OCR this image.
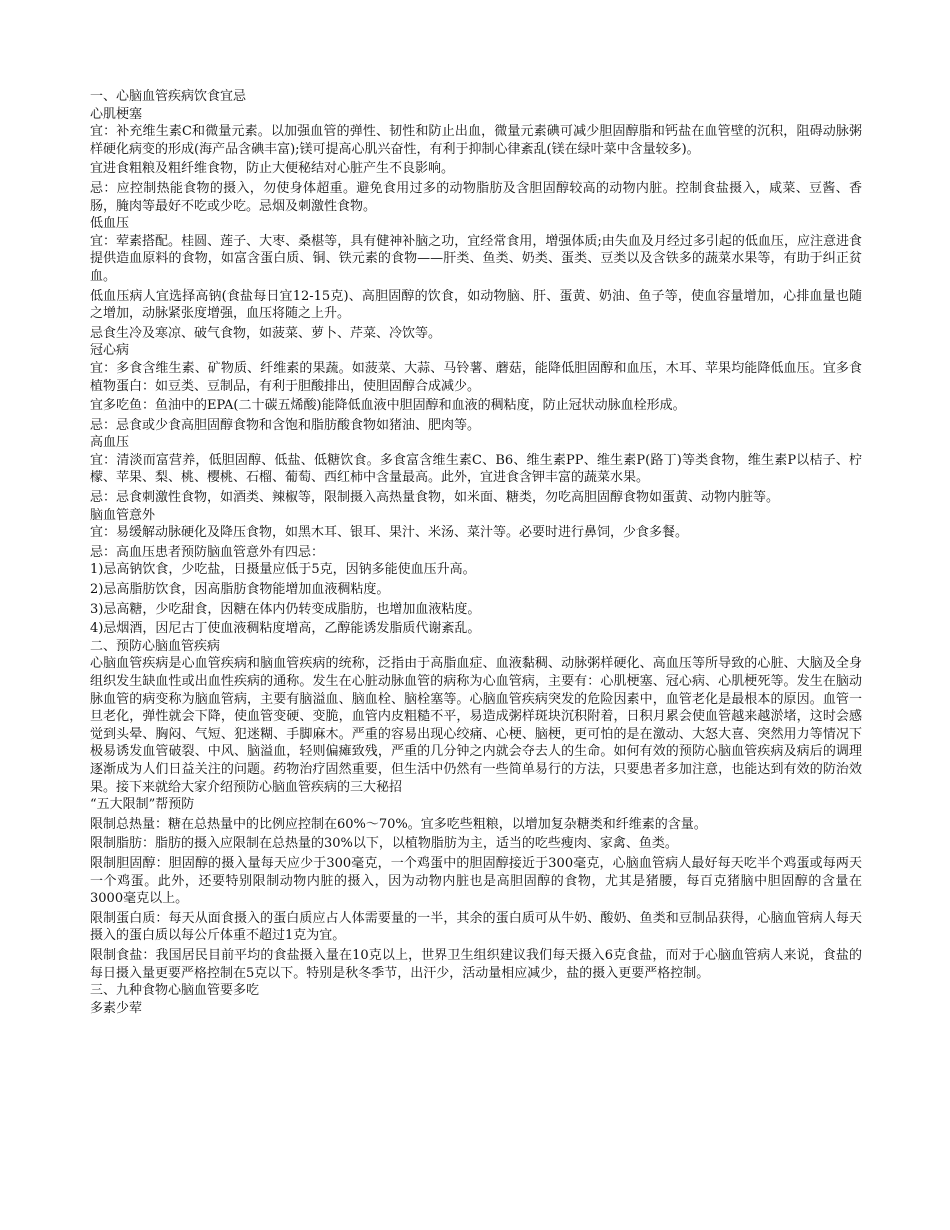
一、心脑血管疾病饮食宜忌

心肌梗塞

宜：补充维生素C和微量元素。以加强血管的弹性、韧性和防止出血，微量元素碘可减少胆固醇脂和钙盐在血管壁的沉积，阻碍动脉粥样硬化病变的形成(海产品含碘丰富);镁可提高心肌兴奋性，有利于抑制心律紊乱(镁在绿叶菜中含量较多)。

宜进食粗粮及粗纤维食物，防止大便秘结对心脏产生不良影响。

忌：应控制热能食物的摄入，勿使身体超重。避免食用过多的动物脂肪及含胆固醇较高的动物内脏。控制食盐摄入，咸菜、豆酱、香肠，腌肉等最好不吃或少吃。忌烟及刺激性食物。

低血压

宜：荤素搭配。桂圆、莲子、大枣、桑椹等，具有健神补脑之功，宜经常食用，增强体质;由失血及月经过多引起的低血压，应注意进食提供造血原料的食物，如富含蛋白质、铜、铁元素的食物——肝类、鱼类、奶类、蛋类、豆类以及含铁多的蔬菜水果等，有助于纠正贫血。

低血压病人宜选择高钠(食盐每日宜12-15克)、高胆固醇的饮食，如动物脑、肝、蛋黄、奶油、鱼子等，使血容量增加，心排血量也随之增加，动脉紧张度增强，血压将随之上升。

忌食生冷及寒凉、破气食物，如菠菜、萝卜、芹菜、冷饮等。

冠心病

宜：多食含维生素、矿物质、纤维素的果蔬。如菠菜、大蒜、马铃薯、蘑菇，能降低胆固醇和血压，木耳、苹果均能降低血压。宜多食植物蛋白：如豆类、豆制品，有利于胆酸排出，使胆固醇合成减少。

宜多吃鱼：鱼油中的EPA(二十碳五烯酸)能降低血液中胆固醇和血液的稠粘度，防止冠状动脉血栓形成。

忌：忌食或少食高胆固醇食物和含饱和脂肪酸食物如猪油、肥肉等。

高血压

宜：清淡而富营养，低胆固醇、低盐、低糖饮食。多食富含维生素C、B6、维生素PP、维生素P(路丁)等类食物，维生素P以桔子、柠檬、苹果、梨、桃、樱桃、石榴、葡萄、西红柿中含量最高。此外，宜进食含钾丰富的蔬菜水果。

忌：忌食刺激性食物，如酒类、辣椒等，限制摄入高热量食物，如米面、糖类，勿吃高胆固醇食物如蛋黄、动物内脏等。

脑血管意外

宜：易缓解动脉硬化及降压食物，如黑木耳、银耳、果汁、米汤、菜汁等。必要时进行鼻饲，少食多餐。

忌：高血压患者预防脑血管意外有四忌：

1)忌高钠饮食，少吃盐，日摄量应低于5克，因钠多能使血压升高。

2)忌高脂肪饮食，因高脂肪食物能增加血液稠粘度。

3)忌高糖，少吃甜食，因糖在体内仍转变成脂肪，也增加血液粘度。

4)忌烟酒，因尼古丁使血液稠粘度增高，乙醇能诱发脂质代谢紊乱。

二、预防心脑血管疾病

心脑血管疾病是心血管疾病和脑血管疾病的统称，泛指由于高脂血症、血液黏稠、动脉粥样硬化、高血压等所导致的心脏、大脑及全身组织发生缺血性或出血性疾病的通称。发生在心脏动脉血管的病称为心血管病，主要有：心肌梗塞、冠心病、心肌梗死等。发生在脑动脉血管的病变称为脑血管病，主要有脑溢血、脑血栓、脑栓塞等。心脑血管疾病突发的危险因素中，血管老化是最根本的原因。血管一旦老化，弹性就会下降，使血管变硬、变脆，血管内皮粗糙不平，易造成粥样斑块沉积附着，日积月累会使血管越来越淤堵，这时会感觉到头晕、胸闷、气短、犯迷糊、手脚麻木。严重的容易出现心绞痛、心梗、脑梗，更可怕的是在激动、大怒大喜、突然用力等情况下极易诱发血管破裂、中风、脑溢血，轻则偏瘫致残，严重的几分钟之内就会夺去人的生命。如何有效的预防心脑血管疾病及病后的调理逐渐成为人们日益关注的问题。药物治疗固然重要，但生活中仍然有一些简单易行的方法，只要患者多加注意，也能达到有效的防治效果。接下来就给大家介绍预防心脑血管疾病的三大秘招

“五大限制”帮预防

限制总热量：糖在总热量中的比例应控制在60%～70%。宜多吃些粗粮，以增加复杂糖类和纤维素的含量。

限制脂肪：脂肪的摄入应限制在总热量的30%以下，以植物脂肪为主，适当的吃些瘦肉、家禽、鱼类。

限制胆固醇：胆固醇的摄入量每天应少于300毫克，一个鸡蛋中的胆固醇接近于300毫克，心脑血管病人最好每天吃半个鸡蛋或每两天一个鸡蛋。此外，还要特别限制动物内脏的摄入，因为动物内脏也是高胆固醇的食物，尤其是猪腰，每百克猪脑中胆固醇的含量在3000毫克以上。

限制蛋白质：每天从面食摄入的蛋白质应占人体需要量的一半，其余的蛋白质可从牛奶、酸奶、鱼类和豆制品获得，心脑血管病人每天摄入的蛋白质以每公斤体重不超过1克为宜。

限制食盐：我国居民目前平均的食盐摄入量在10克以上，世界卫生组织建议我们每天摄入6克食盐，而对于心脑血管病人来说，食盐的每日摄入量更要严格控制在5克以下。特别是秋冬季节，出汗少，活动量相应减少，盐的摄入更要严格控制。

三、九种食物心脑血管要多吃

多素少荤
